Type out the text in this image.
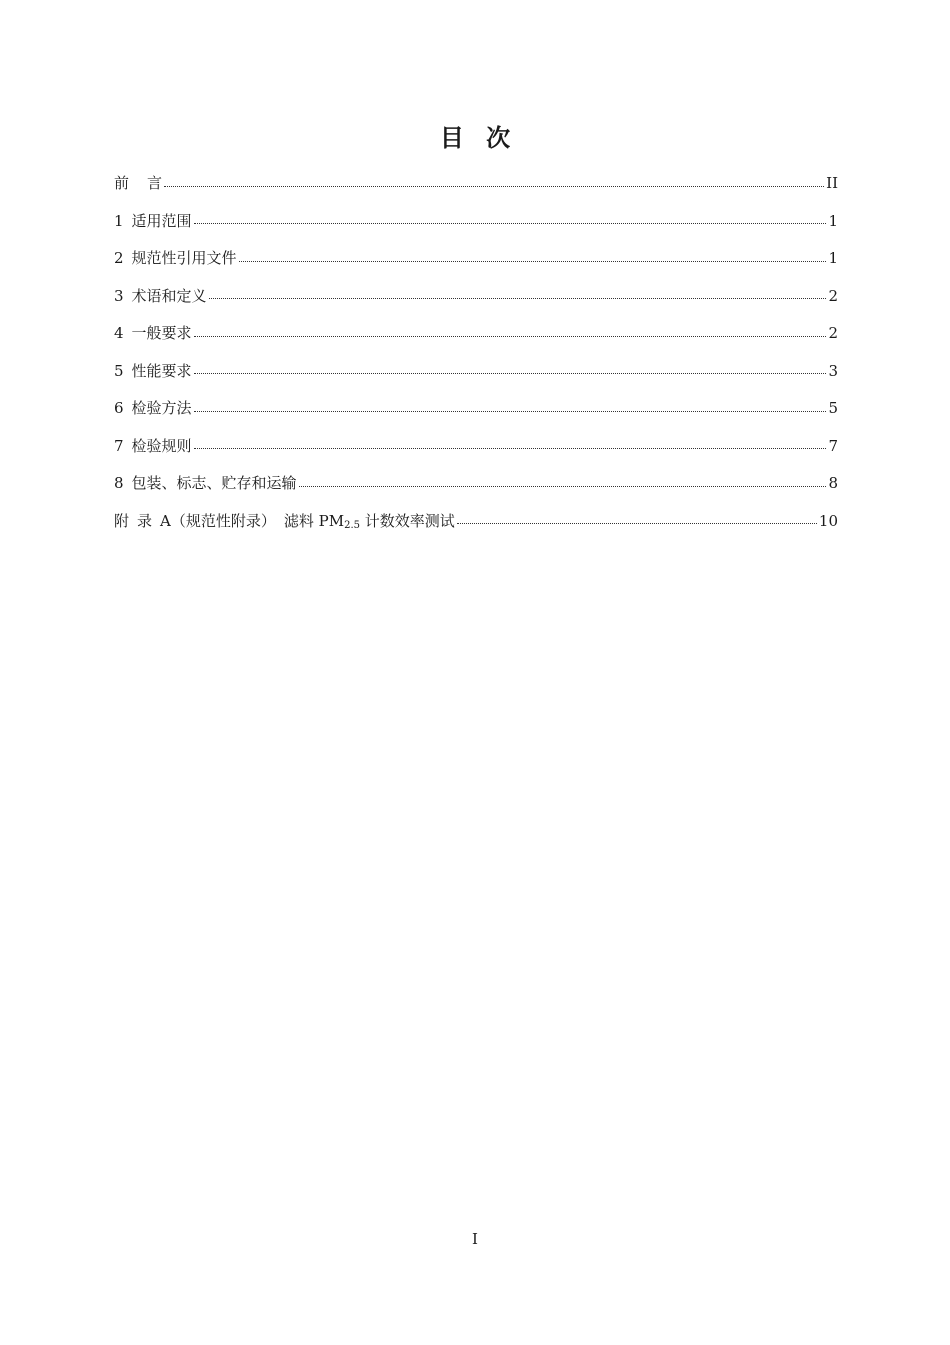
目 次
前 言	II
1 适用范围	1
2 规范性引用文件	1
3 术语和定义	2
4 一般要求	2
5 性能要求	3
6 检验方法	5
7 检验规则	7
8 包装、标志、贮存和运输	8
附 录 A（规范性附录） 滤料 $PM_{2.5}$ 计数效率测试	10
I
